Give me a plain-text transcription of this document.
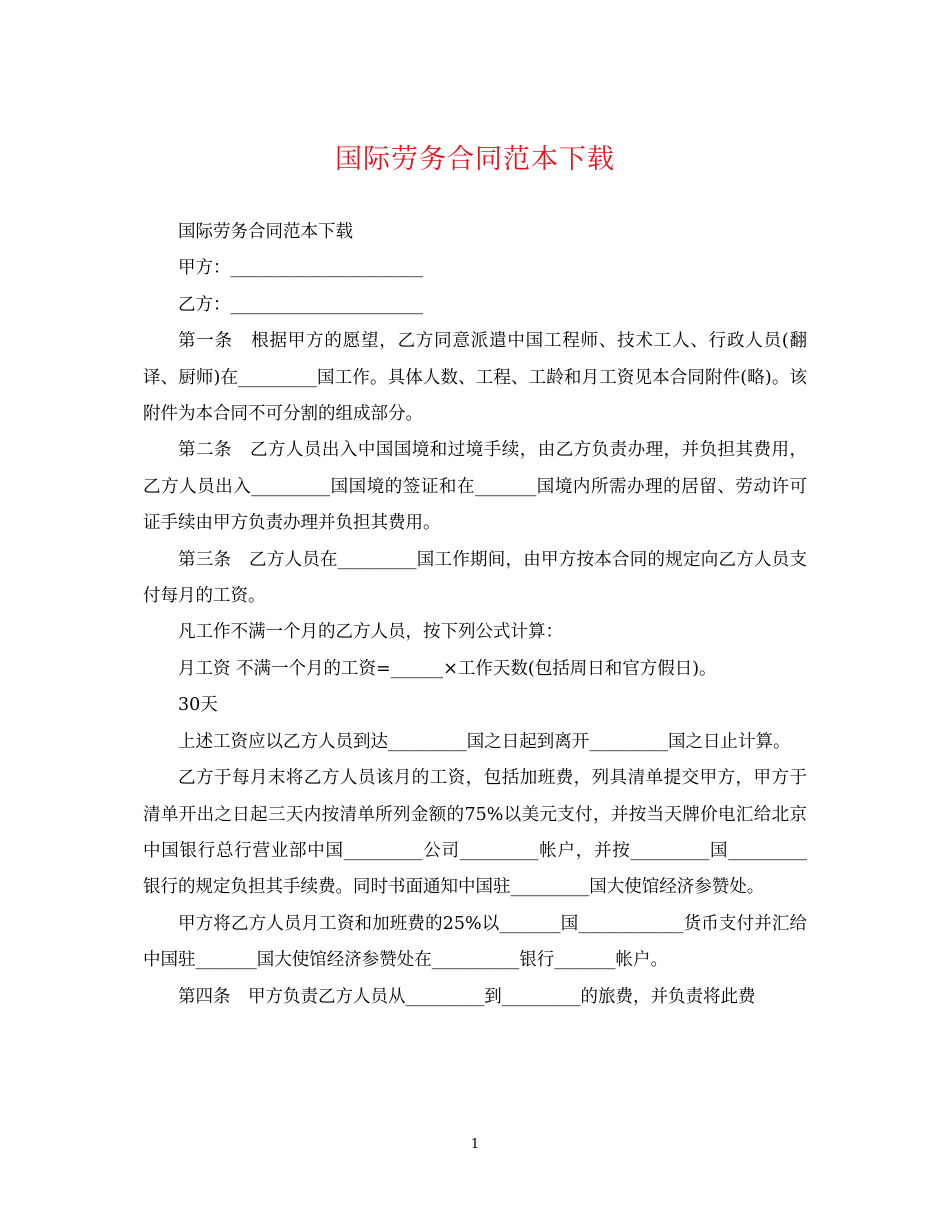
国际劳务合同范本下载

国际劳务合同范本下载

甲方：______________________

乙方：______________________

第一条　根据甲方的愿望，乙方同意派遣中国工程师、技术工人、行政人员(翻译、厨师)在_________国工作。具体人数、工程、工龄和月工资见本合同附件(略)。该附件为本合同不可分割的组成部分。

第二条　乙方人员出入中国国境和过境手续，由乙方负责办理，并负担其费用，乙方人员出入_________国国境的签证和在_______国境内所需办理的居留、劳动许可证手续由甲方负责办理并负担其费用。

第三条　乙方人员在_________国工作期间，由甲方按本合同的规定向乙方人员支付每月的工资。

凡工作不满一个月的乙方人员，按下列公式计算：

月工资 不满一个月的工资=______×工作天数(包括周日和官方假日)。

30天

上述工资应以乙方人员到达_________国之日起到离开_________国之日止计算。

乙方于每月末将乙方人员该月的工资，包括加班费，列具清单提交甲方，甲方于清单开出之日起三天内按清单所列金额的75%以美元支付，并按当天牌价电汇给北京中国银行总行营业部中国_________公司_________帐户，并按_________国_________银行的规定负担其手续费。同时书面通知中国驻_________国大使馆经济参赞处。

甲方将乙方人员月工资和加班费的25%以_______国____________货币支付并汇给中国驻_______国大使馆经济参赞处在__________银行_______帐户。

第四条　甲方负责乙方人员从_________到_________的旅费，并负责将此费

1
